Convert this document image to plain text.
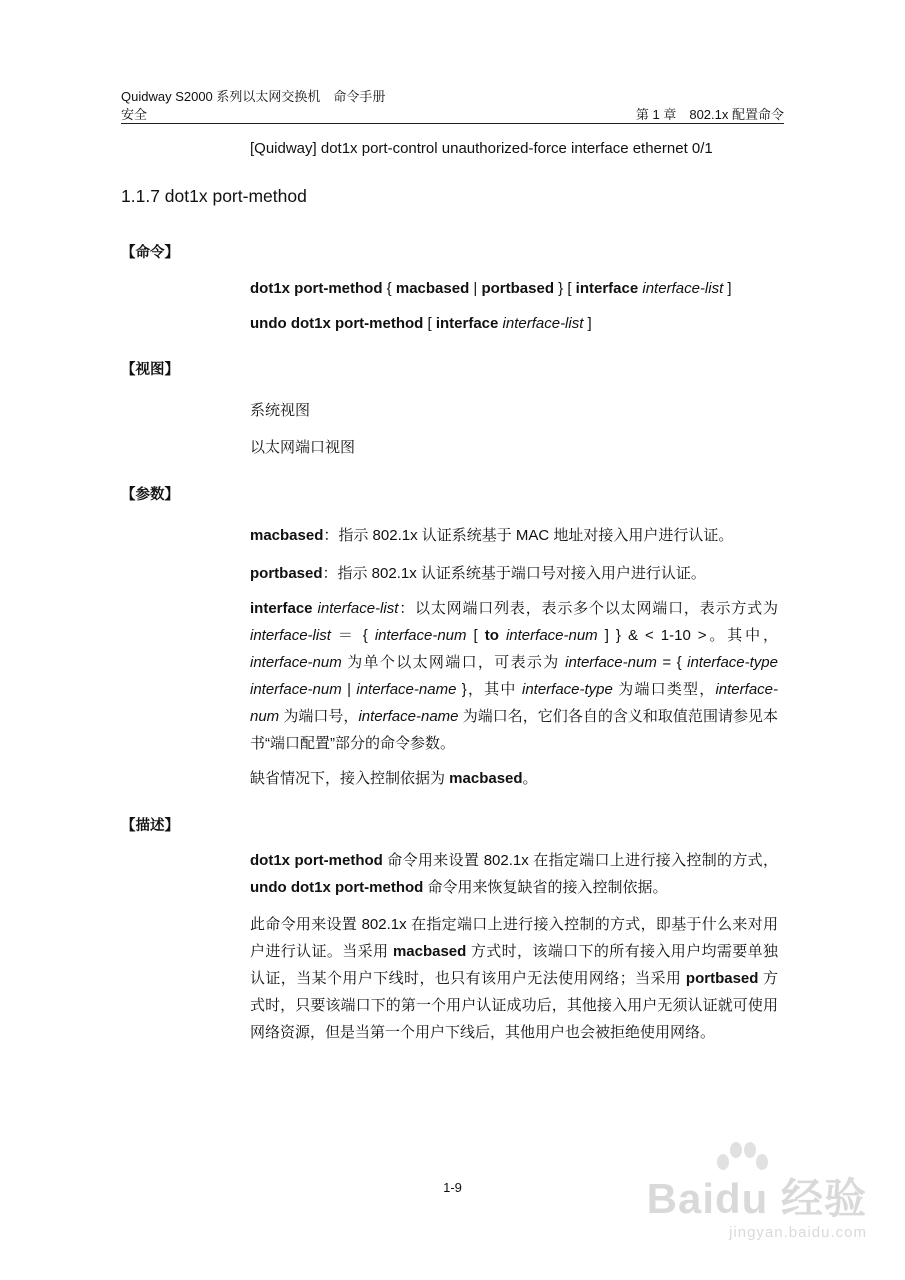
Quidway S2000 系列以太网交换机　命令手册
安全	第 1 章　802.1x 配置命令
[Quidway] dot1x port-control unauthorized-force interface ethernet 0/1
1.1.7 dot1x port-method
【命令】
dot1x port-method { macbased | portbased } [ interface interface-list ]
undo dot1x port-method [ interface interface-list ]
【视图】
系统视图
以太网端口视图
【参数】
macbased：指示 802.1x 认证系统基于 MAC 地址对接入用户进行认证。
portbased：指示 802.1x 认证系统基于端口号对接入用户进行认证。
interface interface-list：以太网端口列表，表示多个以太网端口，表示方式为 interface-list ＝ { interface-num [ to interface-num ] } & < 1-10 >。其中，interface-num 为单个以太网端口，可表示为 interface-num = { interface-type interface-num | interface-name }，其中 interface-type 为端口类型，interface-num 为端口号，interface-name 为端口名，它们各自的含义和取值范围请参见本书“端口配置”部分的命令参数。
缺省情况下，接入控制依据为 macbased。
【描述】
dot1x port-method 命令用来设置 802.1x 在指定端口上进行接入控制的方式，undo dot1x port-method 命令用来恢复缺省的接入控制依据。
此命令用来设置 802.1x 在指定端口上进行接入控制的方式，即基于什么来对用户进行认证。当采用 macbased 方式时，该端口下的所有接入用户均需要单独认证，当某个用户下线时，也只有该用户无法使用网络；当采用 portbased 方式时，只要该端口下的第一个用户认证成功后，其他接入用户无须认证就可使用网络资源，但是当第一个用户下线后，其他用户也会被拒绝使用网络。
1-9	Baidu 经验
jingyan.baidu.com
